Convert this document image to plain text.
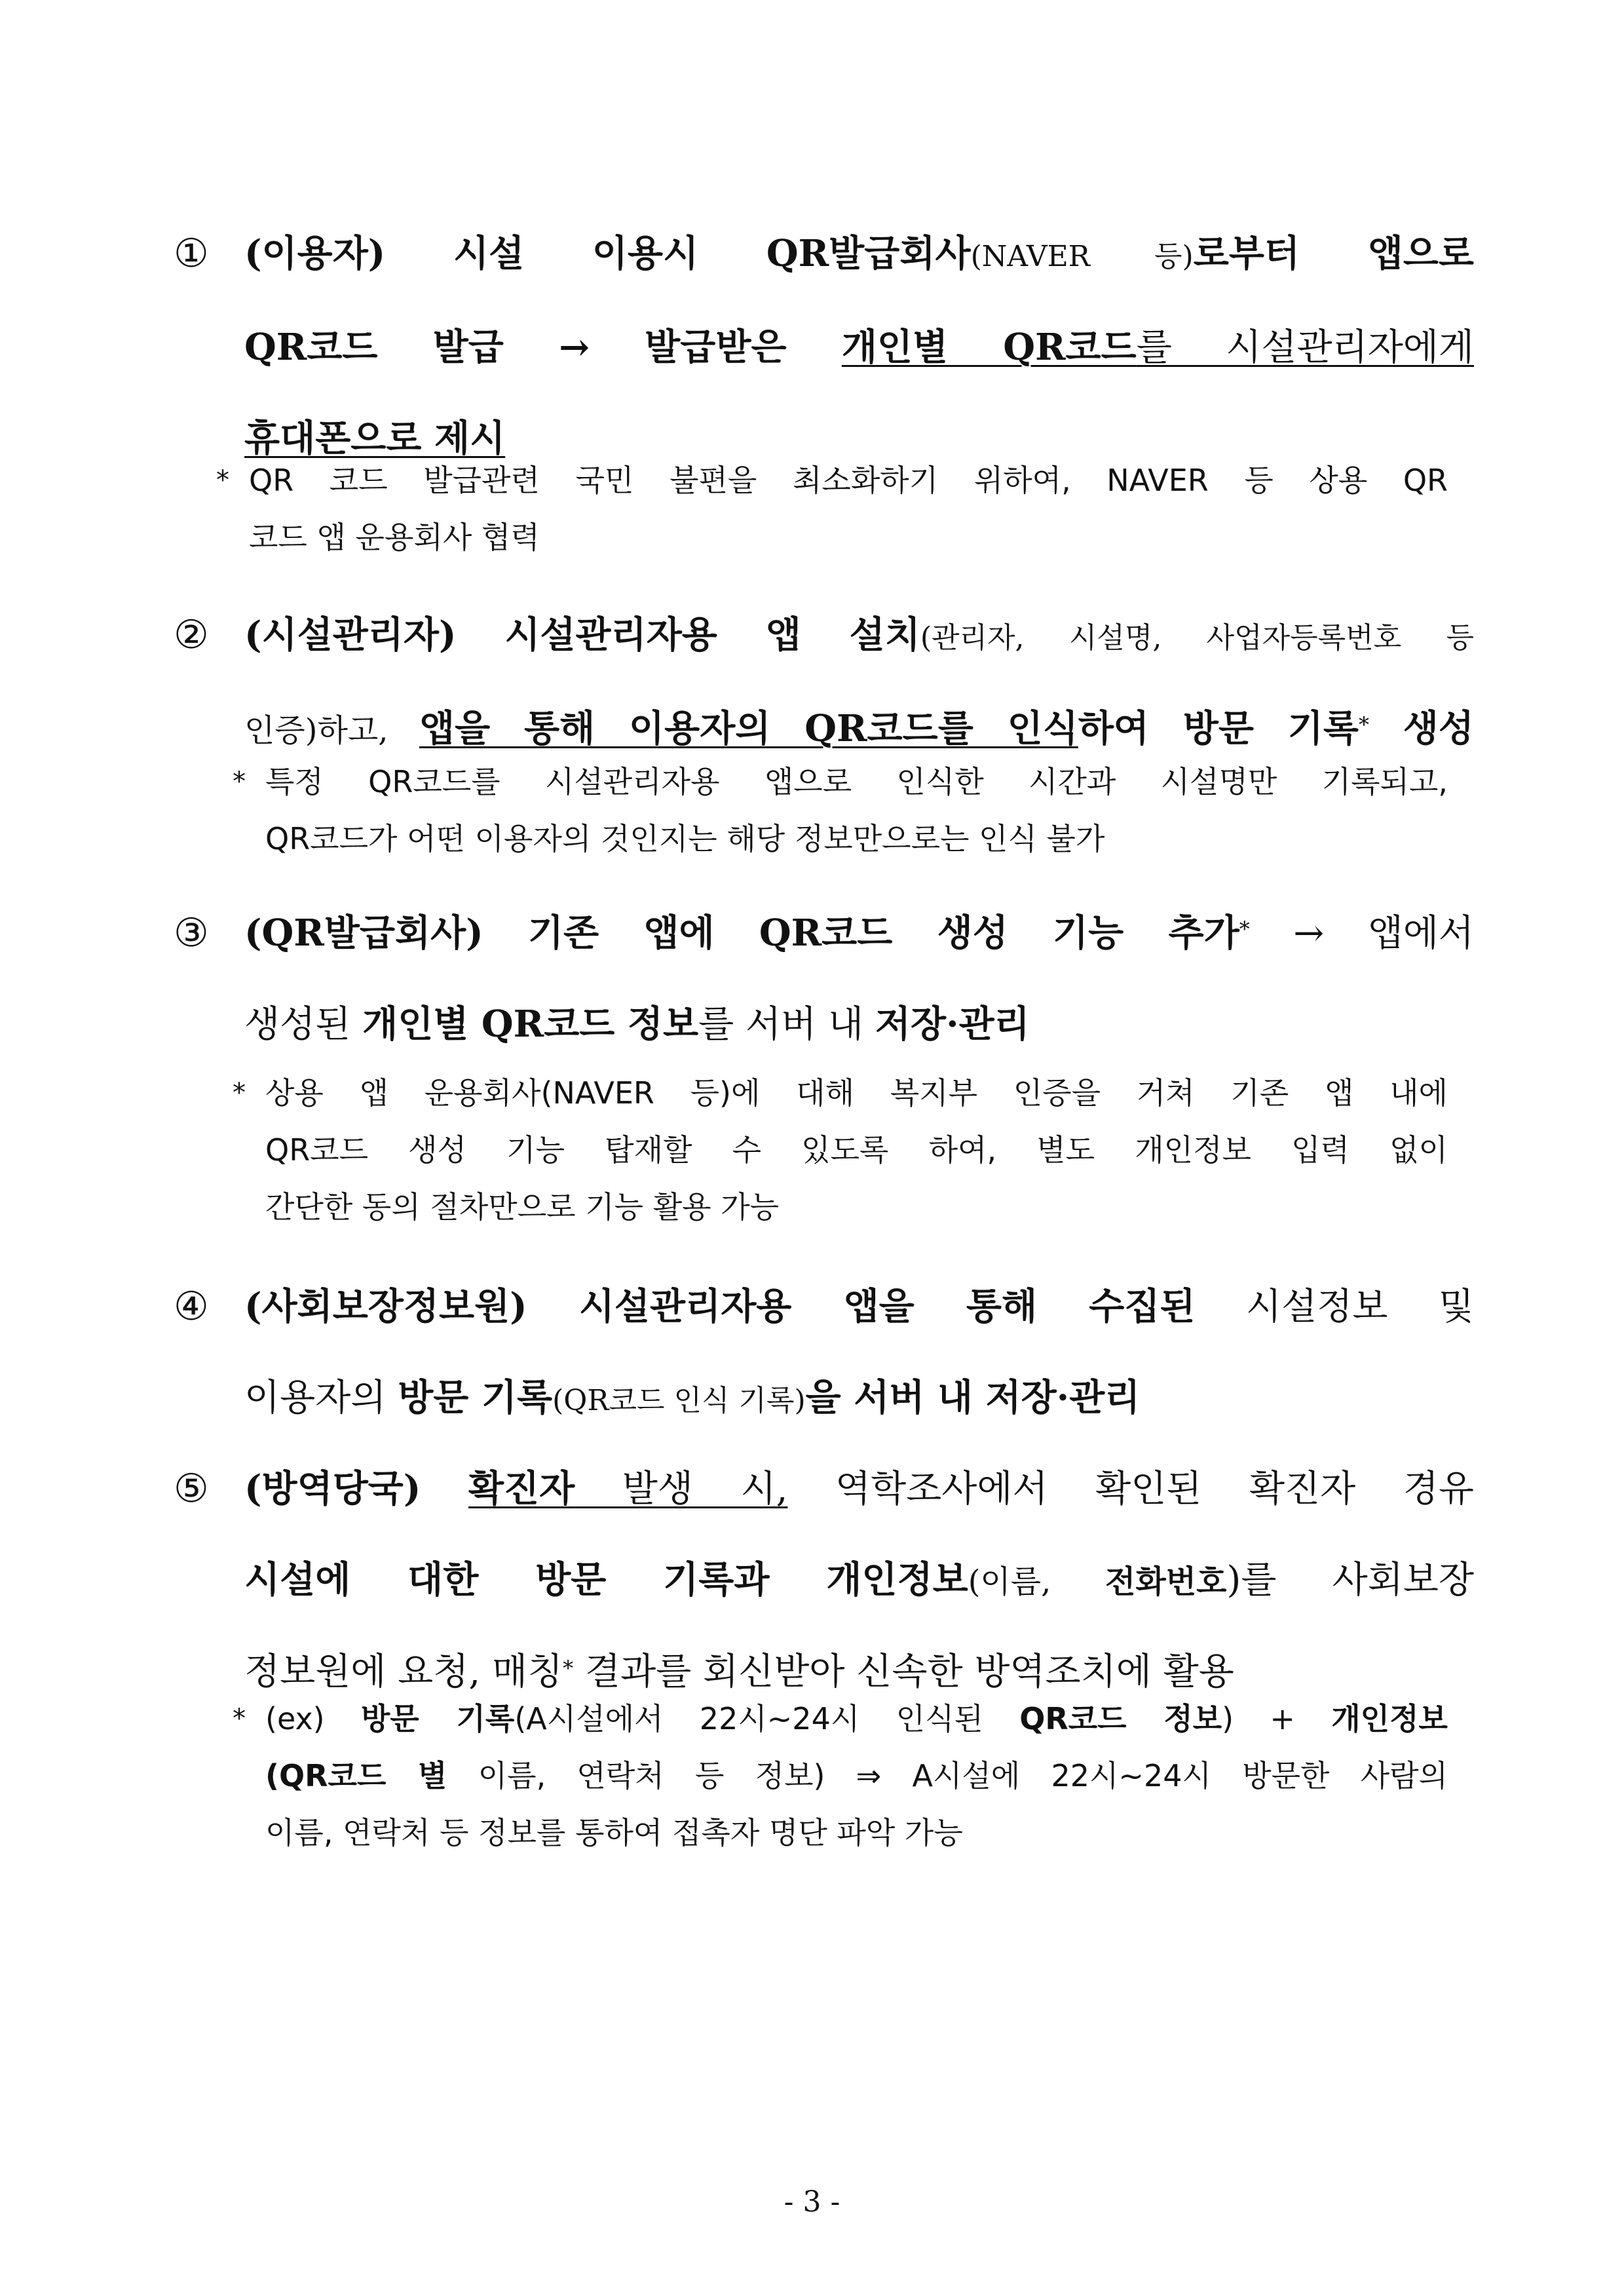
① (이용자) 시설 이용시 QR발급회사(NAVER 등)로부터 앱으로
QR코드 발급 → 발급받은 개인별 QR코드를 시설관리자에게
휴대폰으로 제시
* QR 코드 발급관련 국민 불편을 최소화하기 위하여, NAVER 등 상용 QR
코드 앱 운용회사 협력
② (시설관리자) 시설관리자용 앱 설치(관리자, 시설명, 사업자등록번호 등
인증)하고, 앱을 통해 이용자의 QR코드를 인식하여 방문 기록* 생성
* 특정 QR코드를 시설관리자용 앱으로 인식한 시간과 시설명만 기록되고,
QR코드가 어떤 이용자의 것인지는 해당 정보만으로는 인식 불가
③ (QR발급회사) 기존 앱에 QR코드 생성 기능 추가* → 앱에서
생성된 개인별 QR코드 정보를 서버 내 저장·관리
* 상용 앱 운용회사(NAVER 등)에 대해 복지부 인증을 거쳐 기존 앱 내에
QR코드 생성 기능 탑재할 수 있도록 하여, 별도 개인정보 입력 없이
간단한 동의 절차만으로 기능 활용 가능
④ (사회보장정보원) 시설관리자용 앱을 통해 수집된 시설정보 및
이용자의 방문 기록(QR코드 인식 기록)을 서버 내 저장·관리
⑤ (방역당국) 확진자 발생 시, 역학조사에서 확인된 확진자 경유
시설에 대한 방문 기록과 개인정보(이름, 전화번호)를 사회보장
정보원에 요청, 매칭* 결과를 회신받아 신속한 방역조치에 활용
* (ex) 방문 기록(A시설에서 22시~24시 인식된 QR코드 정보) + 개인정보
(QR코드 별 이름, 연락처 등 정보) ⇒ A시설에 22시~24시 방문한 사람의
이름, 연락처 등 정보를 통하여 접촉자 명단 파악 가능
- 3 -
